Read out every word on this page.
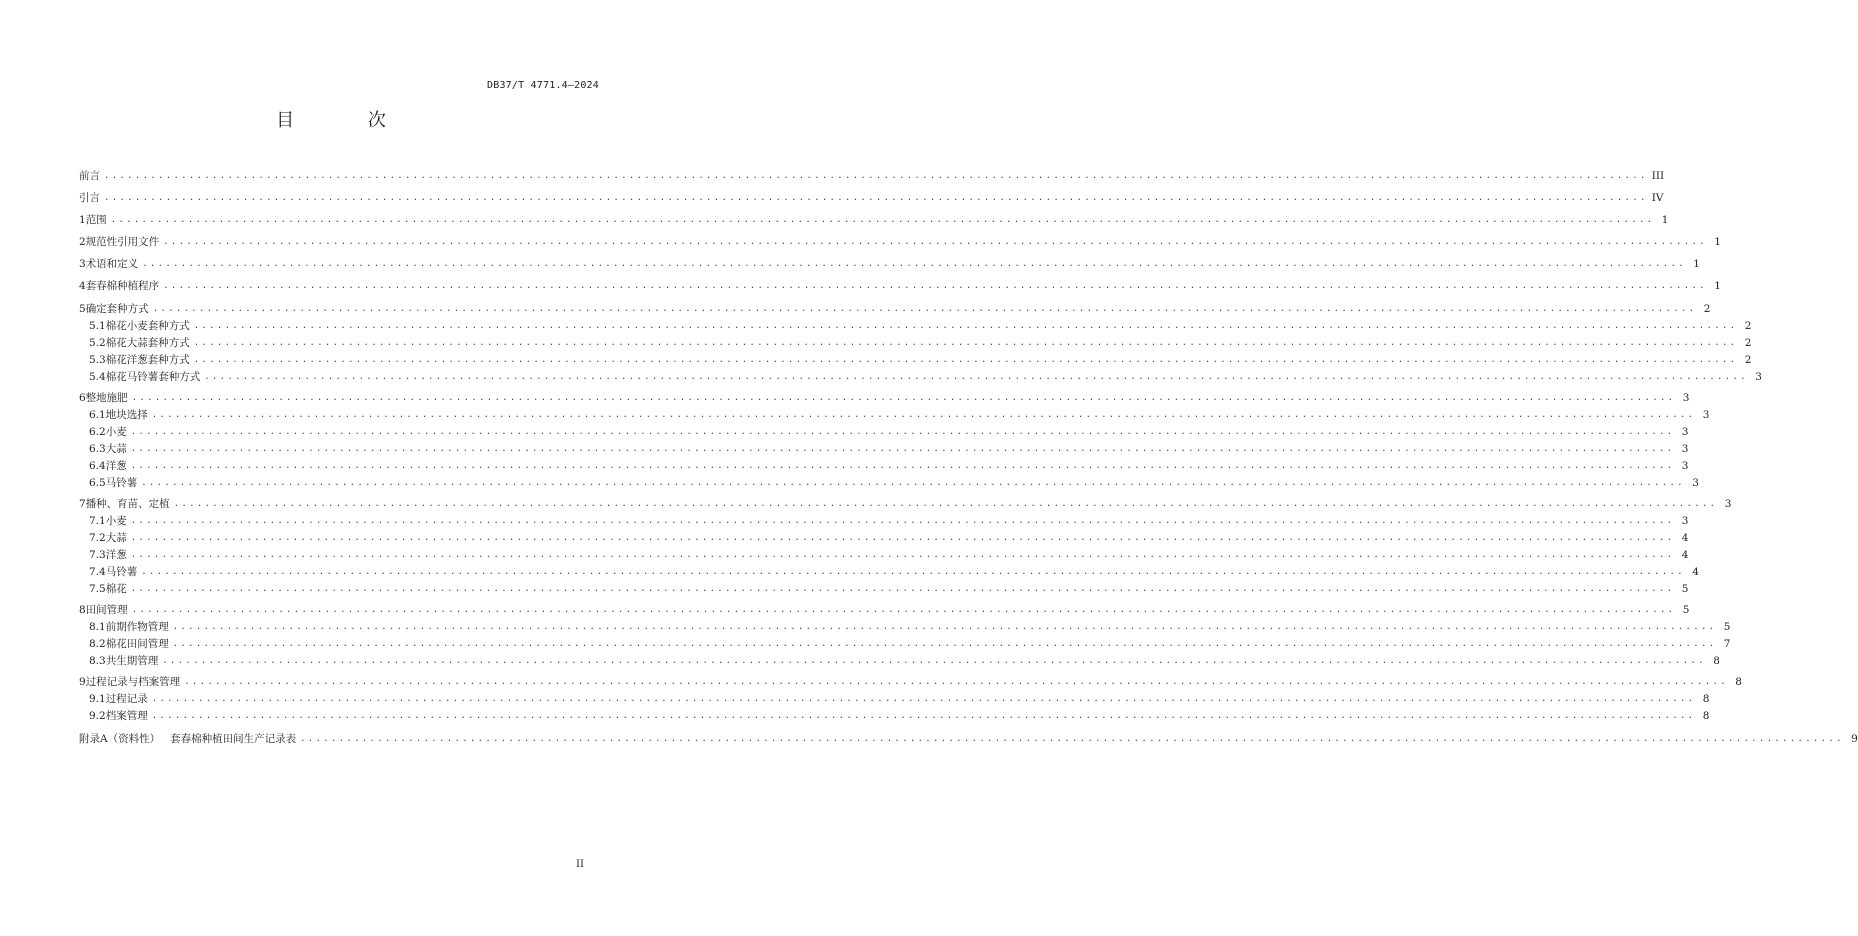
DB37/T 4771.4—2024
目 次
前言 ........................................................................................................................................................................................................ III
引言 ........................................................................................................................................................................................................ IV
1 范围 ........................................................................................................................................................................................................ 1
2 规范性引用文件 ........................................................................................................................................................................................................ 1
3 术语和定义 ........................................................................................................................................................................................................ 1
4 套春棉种植程序 ........................................................................................................................................................................................................ 1
5 确定套种方式 ........................................................................................................................................................................................................ 2
5.1 棉花小麦套种方式 ........................................................................................................................................................................................................ 2
5.2 棉花大蒜套种方式 ........................................................................................................................................................................................................ 2
5.3 棉花洋葱套种方式 ........................................................................................................................................................................................................ 2
5.4 棉花马铃薯套种方式 ........................................................................................................................................................................................................ 3
6 整地施肥 ........................................................................................................................................................................................................ 3
6.1 地块选择 ........................................................................................................................................................................................................ 3
6.2 小麦 ........................................................................................................................................................................................................ 3
6.3 大蒜 ........................................................................................................................................................................................................ 3
6.4 洋葱 ........................................................................................................................................................................................................ 3
6.5 马铃薯 ........................................................................................................................................................................................................ 3
7 播种、育苗、定植 ........................................................................................................................................................................................................ 3
7.1 小麦 ........................................................................................................................................................................................................ 3
7.2 大蒜 ........................................................................................................................................................................................................ 4
7.3 洋葱 ........................................................................................................................................................................................................ 4
7.4 马铃薯 ........................................................................................................................................................................................................ 4
7.5 棉花 ........................................................................................................................................................................................................ 5
8 田间管理 ........................................................................................................................................................................................................ 5
8.1 前期作物管理 ........................................................................................................................................................................................................ 5
8.2 棉花田间管理 ........................................................................................................................................................................................................ 7
8.3 共生期管理 ........................................................................................................................................................................................................ 8
9 过程记录与档案管理 ........................................................................................................................................................................................................ 8
9.1 过程记录 ........................................................................................................................................................................................................ 8
9.2 档案管理 ........................................................................................................................................................................................................ 8
附录A（资料性） 套春棉种植田间生产记录表 ........................................................................................................................................................................................................ 9
II
